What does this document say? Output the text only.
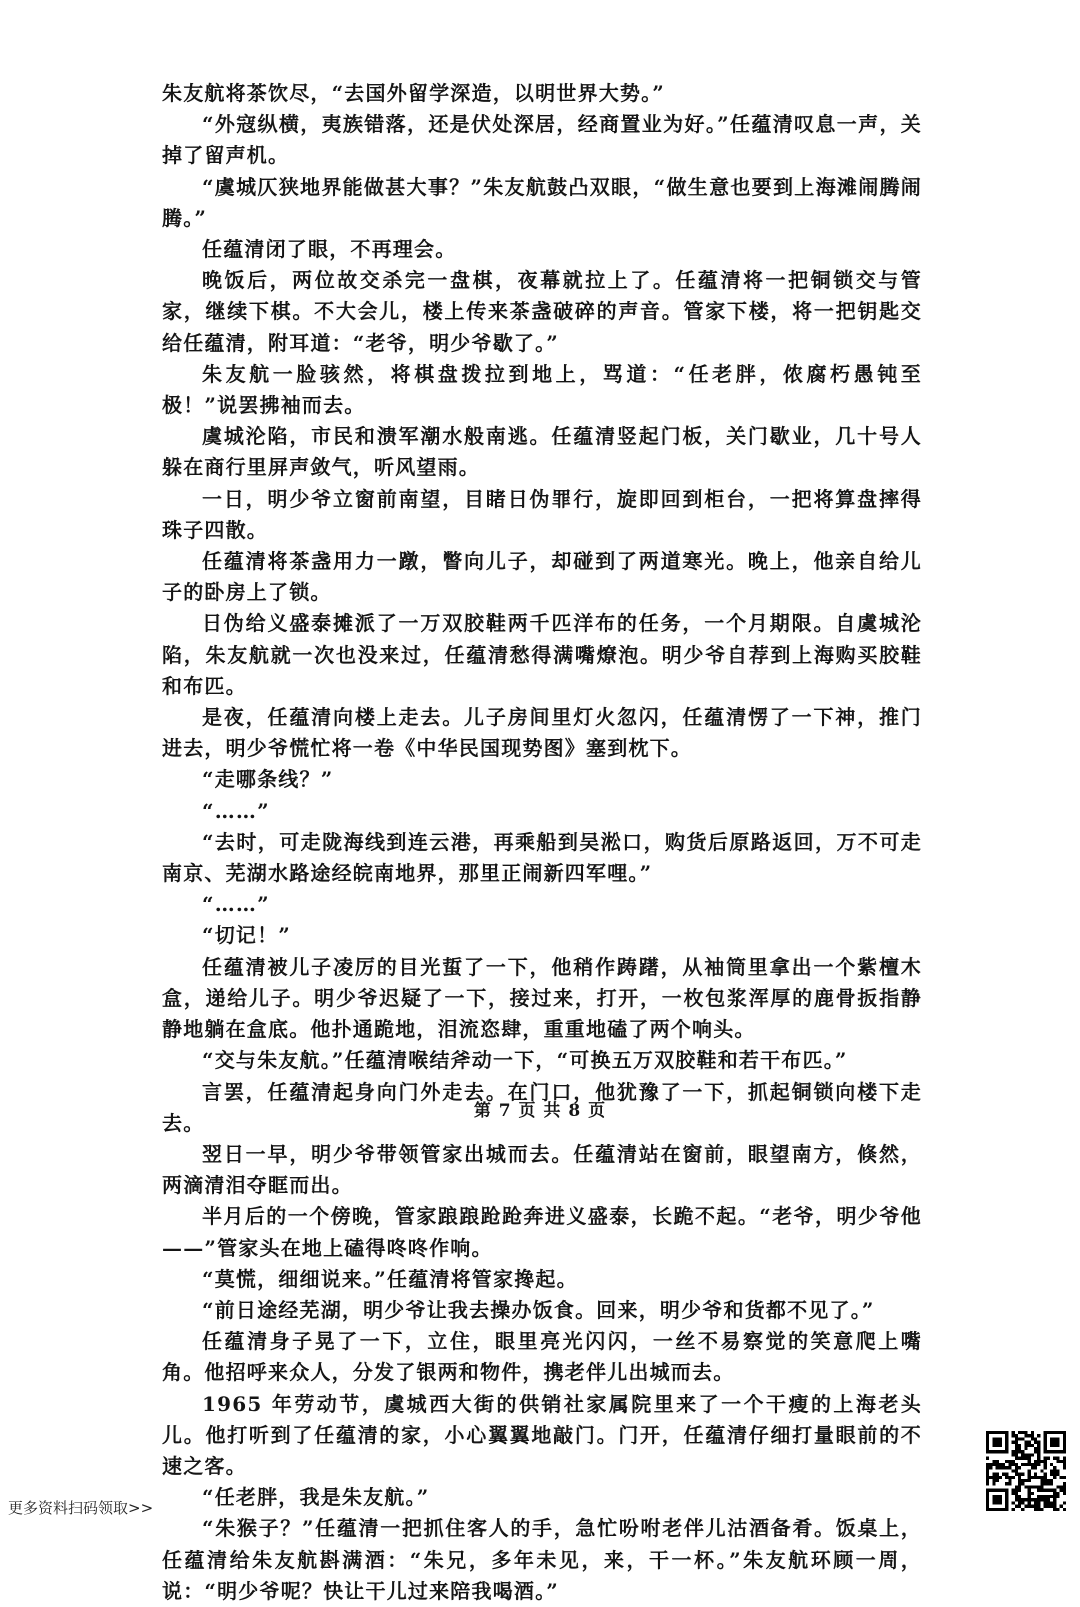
朱友航将茶饮尽，“去国外留学深造，以明世界大势。”

“外寇纵横，夷族错落，还是伏处深居，经商置业为好。”任蕴清叹息一声，关掉了留声机。

“虞城仄狭地界能做甚大事？”朱友航鼓凸双眼，“做生意也要到上海滩闹腾闹腾。”

任蕴清闭了眼，不再理会。

晚饭后，两位故交杀完一盘棋，夜幕就拉上了。任蕴清将一把铜锁交与管家，继续下棋。不大会儿，楼上传来茶盏破碎的声音。管家下楼，将一把钥匙交给任蕴清，附耳道：“老爷，明少爷歇了。”

朱友航一脸骇然，将棋盘拨拉到地上，骂道：“任老胖，侬腐朽愚钝至极！”说罢拂袖而去。

虞城沦陷，市民和溃军潮水般南逃。任蕴清竖起门板，关门歇业，几十号人躲在商行里屏声敛气，听风望雨。

一日，明少爷立窗前南望，目睹日伪罪行，旋即回到柜台，一把将算盘摔得珠子四散。

任蕴清将茶盏用力一蹾，瞥向儿子，却碰到了两道寒光。晚上，他亲自给儿子的卧房上了锁。

日伪给义盛泰摊派了一万双胶鞋两千匹洋布的任务，一个月期限。自虞城沦陷，朱友航就一次也没来过，任蕴清愁得满嘴燎泡。明少爷自荐到上海购买胶鞋和布匹。

是夜，任蕴清向楼上走去。儿子房间里灯火忽闪，任蕴清愣了一下神，推门进去，明少爷慌忙将一卷《中华民国现势图》塞到枕下。

“走哪条线？”

“……”

“去时，可走陇海线到连云港，再乘船到吴淞口，购货后原路返回，万不可走南京、芜湖水路途经皖南地界，那里正闹新四军哩。”

“……”

“切记！”

任蕴清被儿子凌厉的目光蜇了一下，他稍作踌躇，从袖筒里拿出一个紫檀木盒，递给儿子。明少爷迟疑了一下，接过来，打开，一枚包浆浑厚的鹿骨扳指静静地躺在盒底。他扑通跪地，泪流恣肆，重重地磕了两个响头。

“交与朱友航。”任蕴清喉结斧动一下，“可换五万双胶鞋和若干布匹。”

言罢，任蕴清起身向门外走去。在门口，他犹豫了一下，抓起铜锁向楼下走去。

翌日一早，明少爷带领管家出城而去。任蕴清站在窗前，眼望南方，倏然，两滴清泪夺眶而出。

半月后的一个傍晚，管家踉踉跄跄奔进义盛泰，长跪不起。“老爷，明少爷他——”管家头在地上磕得咚咚作响。

“莫慌，细细说来。”任蕴清将管家搀起。

“前日途经芜湖，明少爷让我去操办饭食。回来，明少爷和货都不见了。”

任蕴清身子晃了一下，立住，眼里亮光闪闪，一丝不易察觉的笑意爬上嘴角。他招呼来众人，分发了银两和物件，携老伴儿出城而去。

1965 年劳动节，虞城西大街的供销社家属院里来了一个干瘦的上海老头儿。他打听到了任蕴清的家，小心翼翼地敲门。门开，任蕴清仔细打量眼前的不速之客。

“任老胖，我是朱友航。”

“朱猴子？”任蕴清一把抓住客人的手，急忙吩咐老伴儿沽酒备肴。饭桌上，任蕴清给朱友航斟满酒：“朱兄，多年未见，来，干一杯。”朱友航环顾一周，说：“明少爷呢？快让干儿过来陪我喝酒。”

第 7 页 共 8 页
更多资料扫码领取>>
